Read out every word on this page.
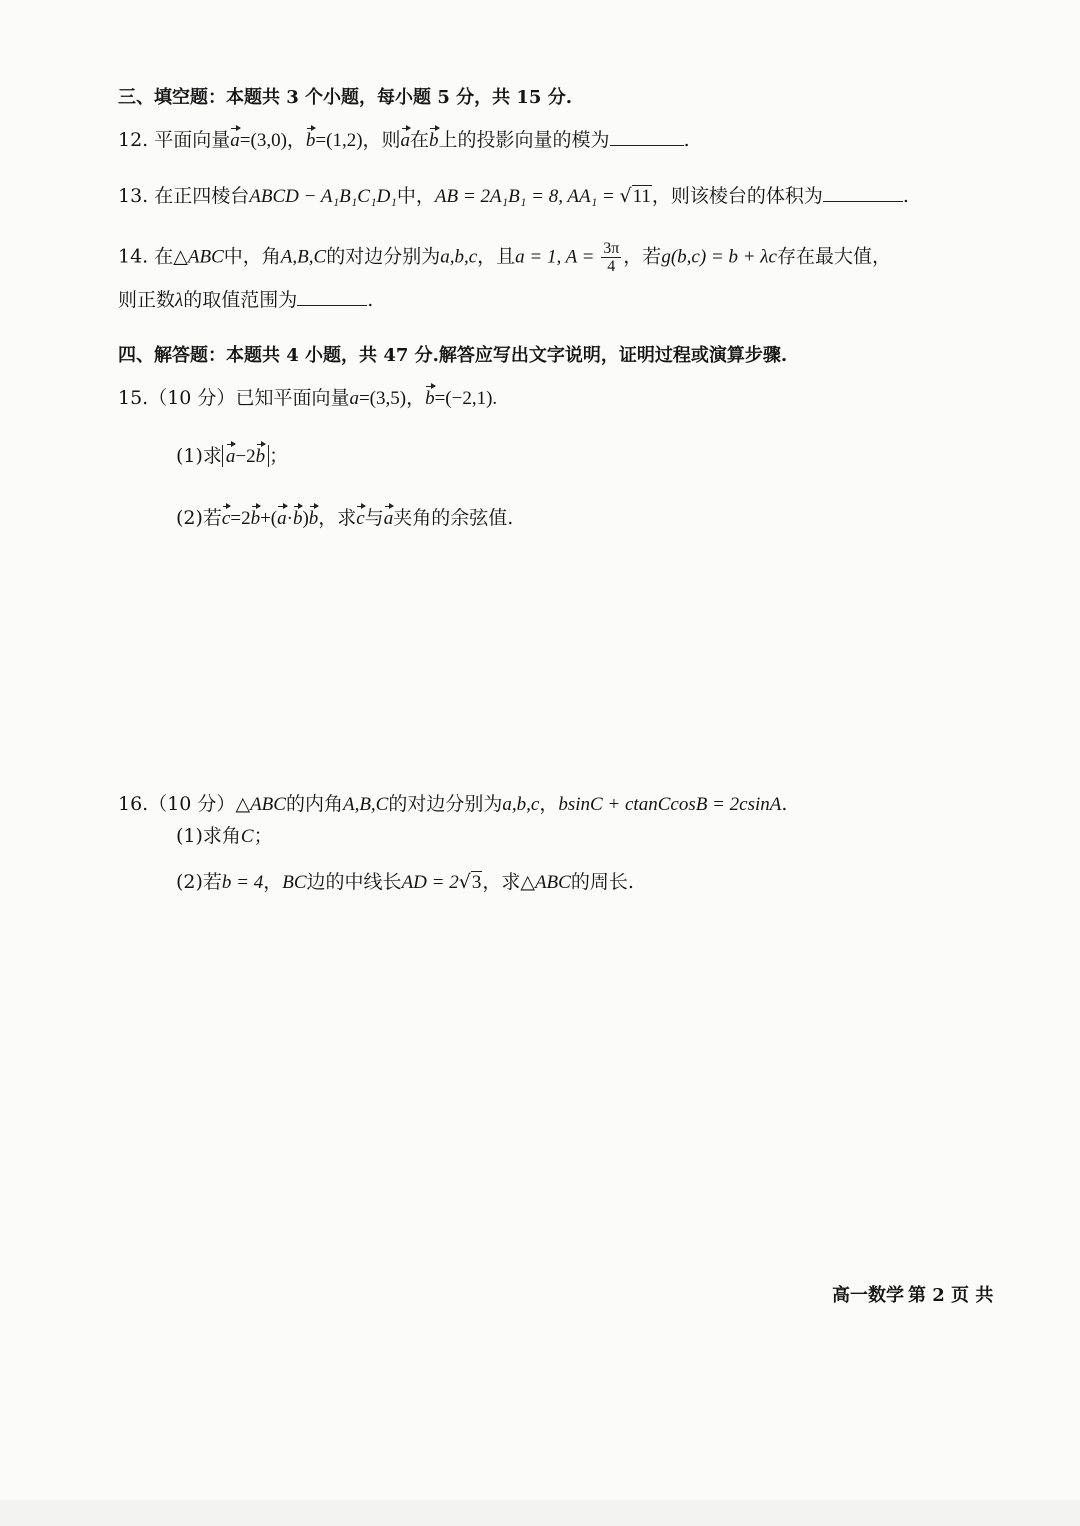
三、填空题：本题共 3 个小题，每小题 5 分，共 15 分.
12. 平面向量a=(3,0)，b=(1,2)，则a在b上的投影向量的模为	.
13. 在正四棱台ABCD − A₁B₁C₁D₁中，AB = 2A₁B₁ = 8, AA₁ = √11，则该棱台的体积为	.
14. 在△ABC中，角A,B,C的对边分别为a,b,c，且a = 1, $A = \frac{3\pi}{4}$ ，若g(b,c) = b + λc存在最大值，
则正数λ的取值范围为	.
四、解答题：本题共 4 小题，共 47 分.解答应写出文字说明，证明过程或演算步骤.
15.（10 分）已知平面向量a=(3,5)，b=(−2,1).
(1)求 a−2b ；
(2)若c=2b+(a·b)b，求c与a夹角的余弦值.
16.（10 分）△ABC的内角A,B,C的对边分别为a,b,c，bsinC + ctanCcosB = 2csinA.
(1)求角C；
(2)若b = 4，BC边的中线长AD = 2√3，求△ABC的周长.
高一数学 第 2 页 共
